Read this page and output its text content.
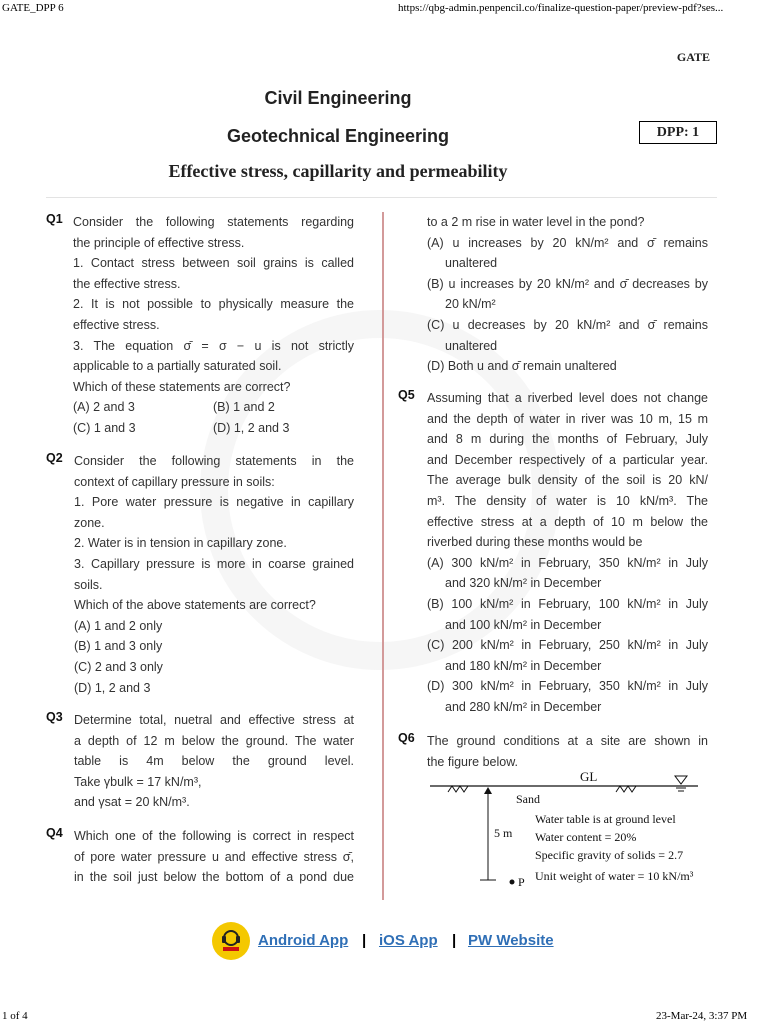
GATE_DPP 6	https://qbg-admin.penpencil.co/finalize-question-paper/preview-pdf?ses...
GATE
Civil Engineering
Geotechnical Engineering	DPP: 1
Effective stress, capillarity and permeability
Q1 Consider the following statements regarding
the principle of effective stress.
1. Contact stress between soil grains is called
the effective stress.
2. It is not possible to physically measure the
effective stress.
3. The equation σ̄ = σ − u is not strictly
applicable to a partially saturated soil.
Which of these statements are correct?
(A) 2 and 3	(B) 1 and 2
(C) 1 and 3	(D) 1, 2 and 3
Q2 Consider the following statements in the
context of capillary pressure in soils:
1. Pore water pressure is negative in capillary
zone.
2. Water is in tension in capillary zone.
3. Capillary pressure is more in coarse grained
soils.
Which of the above statements are correct?
(A) 1 and 2 only
(B) 1 and 3 only
(C) 2 and 3 only
(D) 1, 2 and 3
Q3 Determine total, nuetral and effective stress at
a depth of 12 m below the ground. The water
table is 4m below the ground level.
Take γbulk = 17 kN/m³,
and γsat = 20 kN/m³.
Q4 Which one of the following is correct in respect
of pore water pressure u and effective stress σ̄,
in the soil just below the bottom of a pond due
to a 2 m rise in water level in the pond?
(A) u increases by 20 kN/m² and σ̄ remains
unaltered
(B) u increases by 20 kN/m² and σ̄ decreases by
20 kN/m²
(C) u decreases by 20 kN/m² and σ̄ remains
unaltered
(D) Both u and σ̄ remain unaltered
Q5 Assuming that a riverbed level does not change
and the depth of water in river was 10 m, 15 m
and 8 m during the months of February, July
and December respectively of a particular year.
The average bulk density of the soil is 20 kN/
m³. The density of water is 10 kN/m³. The
effective stress at a depth of 10 m below the
riverbed during these months would be
(A) 300 kN/m² in February, 350 kN/m² in July
and 320 kN/m² in December
(B) 100 kN/m² in February, 100 kN/m² in July
and 100 kN/m² in December
(C) 200 kN/m² in February, 250 kN/m² in July
and 180 kN/m² in December
(D) 300 kN/m² in February, 350 kN/m² in July
and 280 kN/m² in December
Q6 The ground conditions at a site are shown in
the figure below.
GL
Sand
5 m
P
Water table is at ground level
Water content = 20%
Specific gravity of solids = 2.7
Unit weight of water = 10 kN/m³
Android App | iOS App | PW Website
1 of 4	23-Mar-24, 3:37 PM
